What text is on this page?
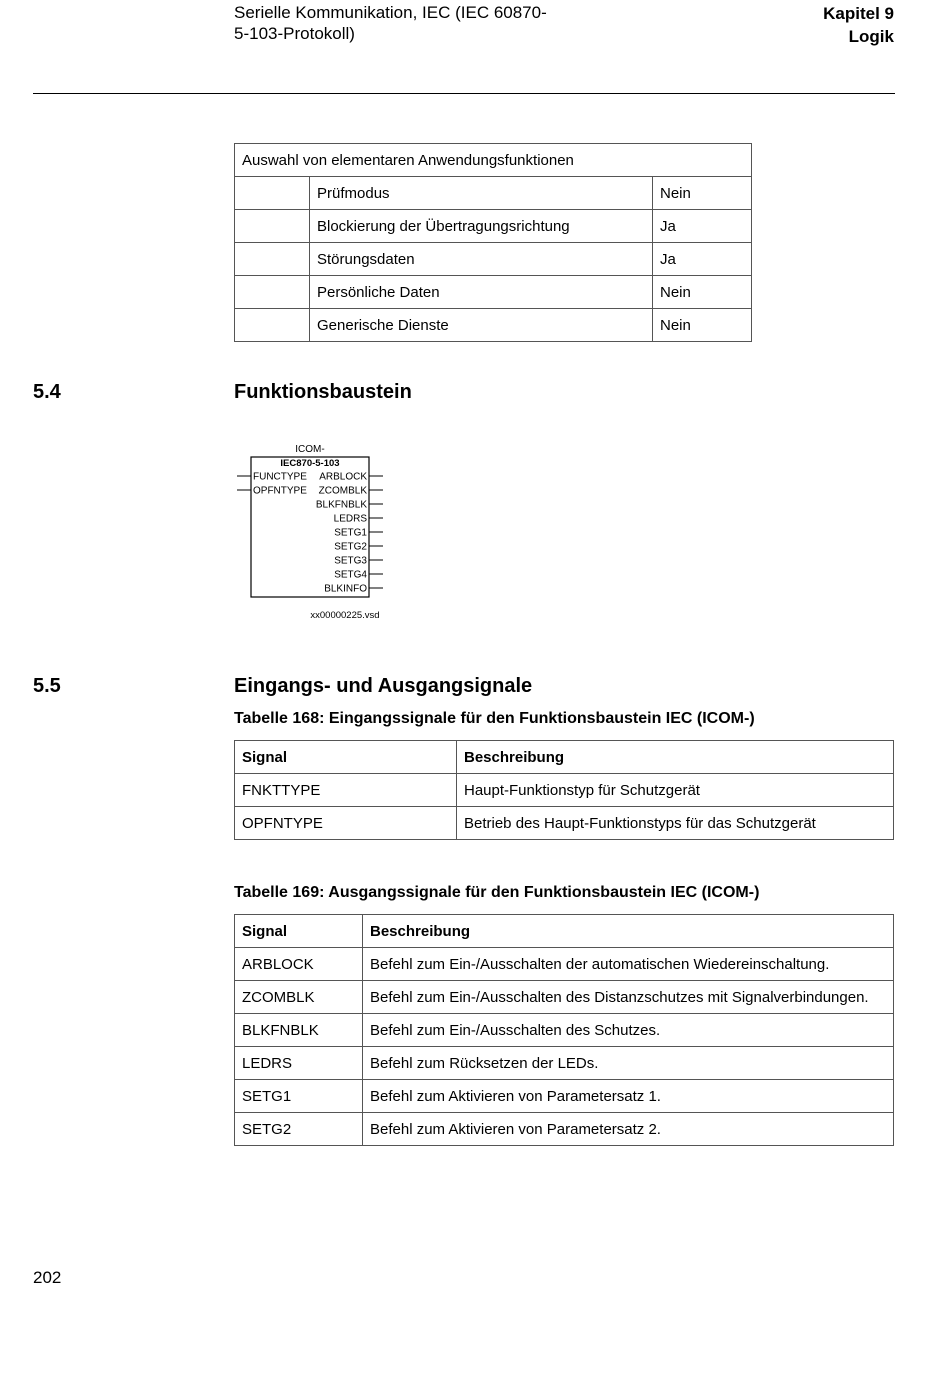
Serielle Kommunikation, IEC (IEC 60870-
5-103-Protokoll)
Kapitel 9
Logik
Auswahl von elementaren Anwendungsfunktionen		
	Prüfmodus	Nein
	Blockierung der Übertragungsrichtung	Ja
	Störungsdaten	Ja
	Persönliche Daten	Nein
	Generische Dienste	Nein
5.4	Funktionsbaustein
ICOM-
IEC870-5-103
FUNCTYPE
OPFNTYPE
ARBLOCK
ZCOMBLK
BLKFNBLK
LEDRS
SETG1
SETG2
SETG3
SETG4
BLKINFO
xx00000225.vsd
5.5	Eingangs- und Ausgangsignale
Tabelle 168: Eingangssignale für den Funktionsbaustein IEC (ICOM-)
Signal	Beschreibung
FNKTTYPE	Haupt-Funktionstyp für Schutzgerät
OPFNTYPE	Betrieb des Haupt-Funktionstyps für das Schutzgerät
Tabelle 169: Ausgangssignale für den Funktionsbaustein IEC (ICOM-)
Signal	Beschreibung
ARBLOCK	Befehl zum Ein-/Ausschalten der automatischen Wiedereinschaltung.
ZCOMBLK	Befehl zum Ein-/Ausschalten des Distanzschutzes mit Signalverbindungen.
BLKFNBLK	Befehl zum Ein-/Ausschalten des Schutzes.
LEDRS	Befehl zum Rücksetzen der LEDs.
SETG1	Befehl zum Aktivieren von Parametersatz 1.
SETG2	Befehl zum Aktivieren von Parametersatz 2.
202
